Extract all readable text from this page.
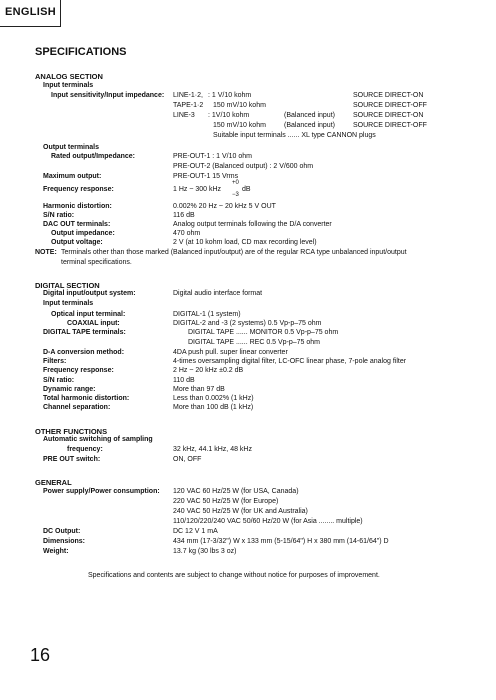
ENGLISH
SPECIFICATIONS
ANALOG SECTION
Input terminals
Input sensitivity/Input impedance: LINE-1·2, : 1 V/10 kohm	SOURCE DIRECT-ON
TAPE-1·2 150 mV/10 kohm	SOURCE DIRECT-OFF
LINE-3 : 1V/10 kohm	(Balanced input)	SOURCE DIRECT-ON
150 mV/10 kohm	(Balanced input)	SOURCE DIRECT-OFF
Suitable input terminals ...... XL type CANNON plugs
Output terminals
Rated output/Impedance:	PRE-OUT-1 : 1 V/10 ohm
PRE-OUT-2 (Balanced output) : 2 V/600 ohm
Maximum output:	PRE-OUT-1 15 Vrms
Frequency response:	1 Hz ~ 300 kHz
+0
−3
dB
Harmonic distortion:	0.002% 20 Hz ~ 20 kHz 5 V OUT
S/N ratio:	116 dB
DAC OUT terminals:	Analog output terminals following the D/A converter
Output impedance:	470 ohm
Output voltage:	2 V (at 10 kohm load, CD max recording level)
NOTE: Terminals other than those marked (Balanced input/output) are of the regular RCA type unbalanced input/output
terminal specifications.
DIGITAL SECTION
Digital input/output system:	Digital audio interface format
Input terminals
Optical input terminal:	DIGITAL-1 (1 system)
COAXIAL input:	DIGITAL-2 and -3 (2 systems) 0.5 Vp-p–75 ohm
DIGITAL TAPE terminals:	DIGITAL TAPE ...... MONITOR 0.5 Vp-p–75 ohm
DIGITAL TAPE ...... REC 0.5 Vp-p–75 ohm
D-A conversion method:	4DA push pull. super linear converter
Filters:	4-times oversampling digital filter, LC-OFC linear phase, 7-pole analog filter
Frequency response:	2 Hz ~ 20 kHz ±0.2 dB
S/N ratio:	110 dB
Dynamic range:	More than 97 dB
Total harmonic distortion:	Less than 0.002% (1 kHz)
Channel separation:	More than 100 dB (1 kHz)
OTHER FUNCTIONS
Automatic switching of sampling
frequency:	32 kHz, 44.1 kHz, 48 kHz
PRE OUT switch:	ON, OFF
GENERAL
Power supply/Power consumption: 120 VAC 60 Hz/25 W (for USA, Canada)
220 VAC 50 Hz/25 W (for Europe)
240 VAC 50 Hz/25 W (for UK and Australia)
110/120/220/240 VAC 50/60 Hz/20 W (for Asia ........ multiple)
DC Output:	DC 12 V 1 mA
Dimensions:	434 mm (17-3/32") W x 133 mm (5-15/64") H x 380 mm (14-61/64") D
Weight:	13.7 kg (30 lbs 3 oz)
Specifications and contents are subject to change without notice for purposes of improvement.
16
